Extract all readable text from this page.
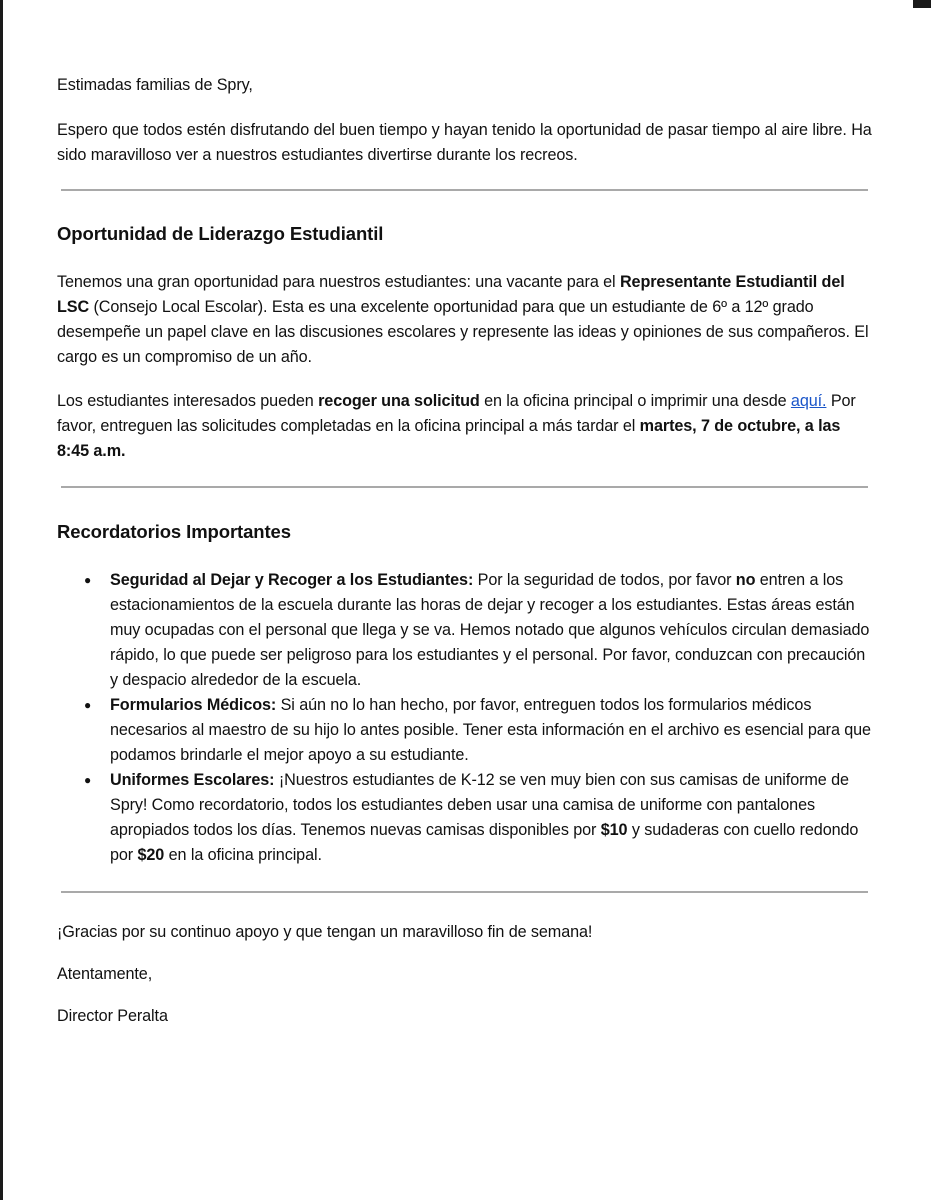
Estimadas familias de Spry,

Espero que todos estén disfrutando del buen tiempo y hayan tenido la oportunidad de pasar tiempo al aire libre. Ha sido maravilloso ver a nuestros estudiantes divertirse durante los recreos.

Oportunidad de Liderazgo Estudiantil

Tenemos una gran oportunidad para nuestros estudiantes: una vacante para el Representante Estudiantil del LSC (Consejo Local Escolar). Esta es una excelente oportunidad para que un estudiante de 6º a 12º grado desempeñe un papel clave en las discusiones escolares y represente las ideas y opiniones de sus compañeros. El cargo es un compromiso de un año.

Los estudiantes interesados pueden recoger una solicitud en la oficina principal o imprimir una desde aquí. Por favor, entreguen las solicitudes completadas en la oficina principal a más tardar el martes, 7 de octubre, a las 8:45 a.m.

Recordatorios Importantes
● Seguridad al Dejar y Recoger a los Estudiantes: Por la seguridad de todos, por favor no entren a los estacionamientos de la escuela durante las horas de dejar y recoger a los estudiantes. Estas áreas están muy ocupadas con el personal que llega y se va. Hemos notado que algunos vehículos circulan demasiado rápido, lo que puede ser peligroso para los estudiantes y el personal. Por favor, conduzcan con precaución y despacio alrededor de la escuela.
● Formularios Médicos: Si aún no lo han hecho, por favor, entreguen todos los formularios médicos necesarios al maestro de su hijo lo antes posible. Tener esta información en el archivo es esencial para que podamos brindarle el mejor apoyo a su estudiante.
● Uniformes Escolares: ¡Nuestros estudiantes de K-12 se ven muy bien con sus camisas de uniforme de Spry! Como recordatorio, todos los estudiantes deben usar una camisa de uniforme con pantalones apropiados todos los días. Tenemos nuevas camisas disponibles por $10 y sudaderas con cuello redondo por $20 en la oficina principal.

¡Gracias por su continuo apoyo y que tengan un maravilloso fin de semana!

Atentamente,

Director Peralta
